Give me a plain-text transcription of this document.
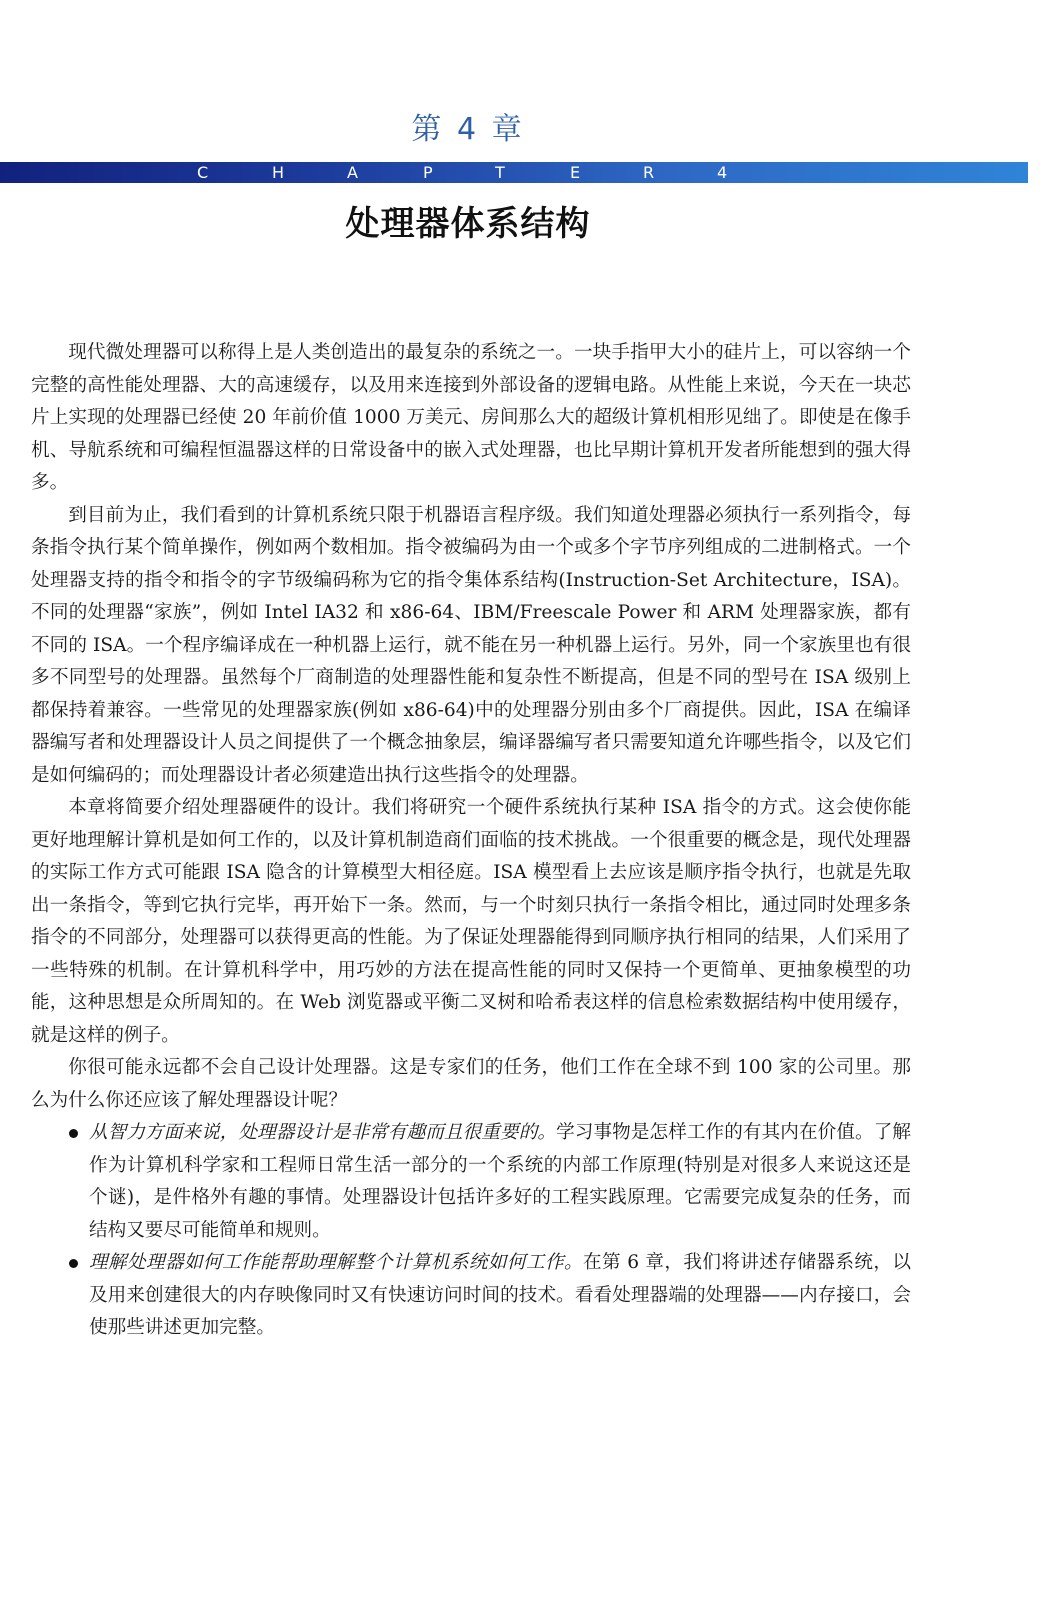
第 4 章
C	H	A	P	T	E	R	4
处理器体系结构

现代微处理器可以称得上是人类创造出的最复杂的系统之一。一块手指甲大小的硅片上，可以容纳一个完整的高性能处理器、大的高速缓存，以及用来连接到外部设备的逻辑电路。从性能上来说，今天在一块芯片上实现的处理器已经使 20 年前价值 1000 万美元、房间那么大的超级计算机相形见绌了。即使是在像手机、导航系统和可编程恒温器这样的日常设备中的嵌入式处理器，也比早期计算机开发者所能想到的强大得多。

到目前为止，我们看到的计算机系统只限于机器语言程序级。我们知道处理器必须执行一系列指令，每条指令执行某个简单操作，例如两个数相加。指令被编码为由一个或多个字节序列组成的二进制格式。一个处理器支持的指令和指令的字节级编码称为它的指令集体系结构(Instruction-Set Architecture，ISA)。不同的处理器“家族”，例如 Intel IA32 和 x86-64、IBM/Freescale Power 和 ARM 处理器家族，都有不同的 ISA。一个程序编译成在一种机器上运行，就不能在另一种机器上运行。另外，同一个家族里也有很多不同型号的处理器。虽然每个厂商制造的处理器性能和复杂性不断提高，但是不同的型号在 ISA 级别上都保持着兼容。一些常见的处理器家族(例如 x86-64)中的处理器分别由多个厂商提供。因此，ISA 在编译器编写者和处理器设计人员之间提供了一个概念抽象层，编译器编写者只需要知道允许哪些指令，以及它们是如何编码的；而处理器设计者必须建造出执行这些指令的处理器。

本章将简要介绍处理器硬件的设计。我们将研究一个硬件系统执行某种 ISA 指令的方式。这会使你能更好地理解计算机是如何工作的，以及计算机制造商们面临的技术挑战。一个很重要的概念是，现代处理器的实际工作方式可能跟 ISA 隐含的计算模型大相径庭。ISA 模型看上去应该是顺序指令执行，也就是先取出一条指令，等到它执行完毕，再开始下一条。然而，与一个时刻只执行一条指令相比，通过同时处理多条指令的不同部分，处理器可以获得更高的性能。为了保证处理器能得到同顺序执行相同的结果，人们采用了一些特殊的机制。在计算机科学中，用巧妙的方法在提高性能的同时又保持一个更简单、更抽象模型的功能，这种思想是众所周知的。在 Web 浏览器或平衡二叉树和哈希表这样的信息检索数据结构中使用缓存，就是这样的例子。

你很可能永远都不会自己设计处理器。这是专家们的任务，他们工作在全球不到 100 家的公司里。那么为什么你还应该了解处理器设计呢？

从智力方面来说，处理器设计是非常有趣而且很重要的。学习事物是怎样工作的有其内在价值。了解作为计算机科学家和工程师日常生活一部分的一个系统的内部工作原理(特别是对很多人来说这还是个谜)，是件格外有趣的事情。处理器设计包括许多好的工程实践原理。它需要完成复杂的任务，而结构又要尽可能简单和规则。
理解处理器如何工作能帮助理解整个计算机系统如何工作。在第 6 章，我们将讲述存储器系统，以及用来创建很大的内存映像同时又有快速访问时间的技术。看看处理器端的处理器——内存接口，会使那些讲述更加完整。
